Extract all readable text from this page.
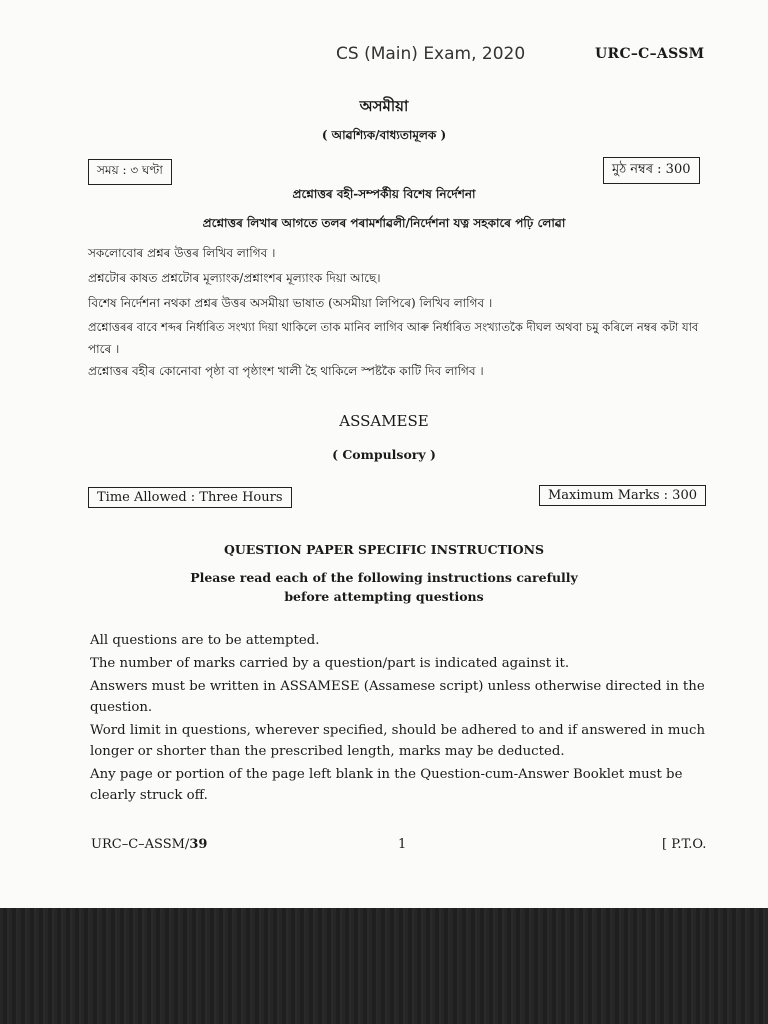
CS (Main) Exam, 2020	URC–C–ASSM
অসমীয়া
( আৱশ্যিক/বাধ্যতামূলক )
সময় : ৩ ঘণ্টা	মুঠ নম্বৰ : 300
প্ৰশ্নোত্তৰ বহী-সম্পৰ্কীয় বিশেষ নিৰ্দেশনা
প্ৰশ্নোত্তৰ লিখাৰ আগতে তলৰ পৰামৰ্শাৱলী/নিৰ্দেশনা যত্ন সহকাৰে পঢ়ি লোৱা
সকলোবোৰ প্ৰশ্নৰ উত্তৰ লিখিব লাগিব ।
প্ৰশ্নটোৰ কাষত প্ৰশ্নটোৰ মূল্যাংক/প্ৰশ্নাংশৰ মূল্যাংক দিয়া আছে।
বিশেষ নিৰ্দেশনা নথকা প্ৰশ্নৰ উত্তৰ অসমীয়া ভাষাত (অসমীয়া লিপিৰে) লিখিব লাগিব ।
প্ৰশ্নোত্তৰৰ বাবে শব্দৰ নিৰ্ধাৰিত সংখ্যা দিয়া থাকিলে তাক মানিব লাগিব আৰু নিৰ্ধাৰিত সংখ্যাতকৈ দীঘল অথবা চমু কৰিলে নম্বৰ কটা যাব
পাৰে ।
প্ৰশ্নোত্তৰ বহীৰ কোনোবা পৃষ্ঠা বা পৃষ্ঠাংশ খালী হৈ থাকিলে স্পষ্টকৈ কাটি দিব লাগিব ।
ASSAMESE
( Compulsory )
Time Allowed : Three Hours	Maximum Marks : 300
QUESTION PAPER SPECIFIC INSTRUCTIONS
Please read each of the following instructions carefully
before attempting questions
All questions are to be attempted.
The number of marks carried by a question/part is indicated against it.
Answers must be written in ASSAMESE (Assamese script) unless otherwise directed in the
question.
Word limit in questions, wherever specified, should be adhered to and if answered in much
longer or shorter than the prescribed length, marks may be deducted.
Any page or portion of the page left blank in the Question-cum-Answer Booklet must be
clearly struck off.
URC–C–ASSM/39	1	[ P.T.O.
